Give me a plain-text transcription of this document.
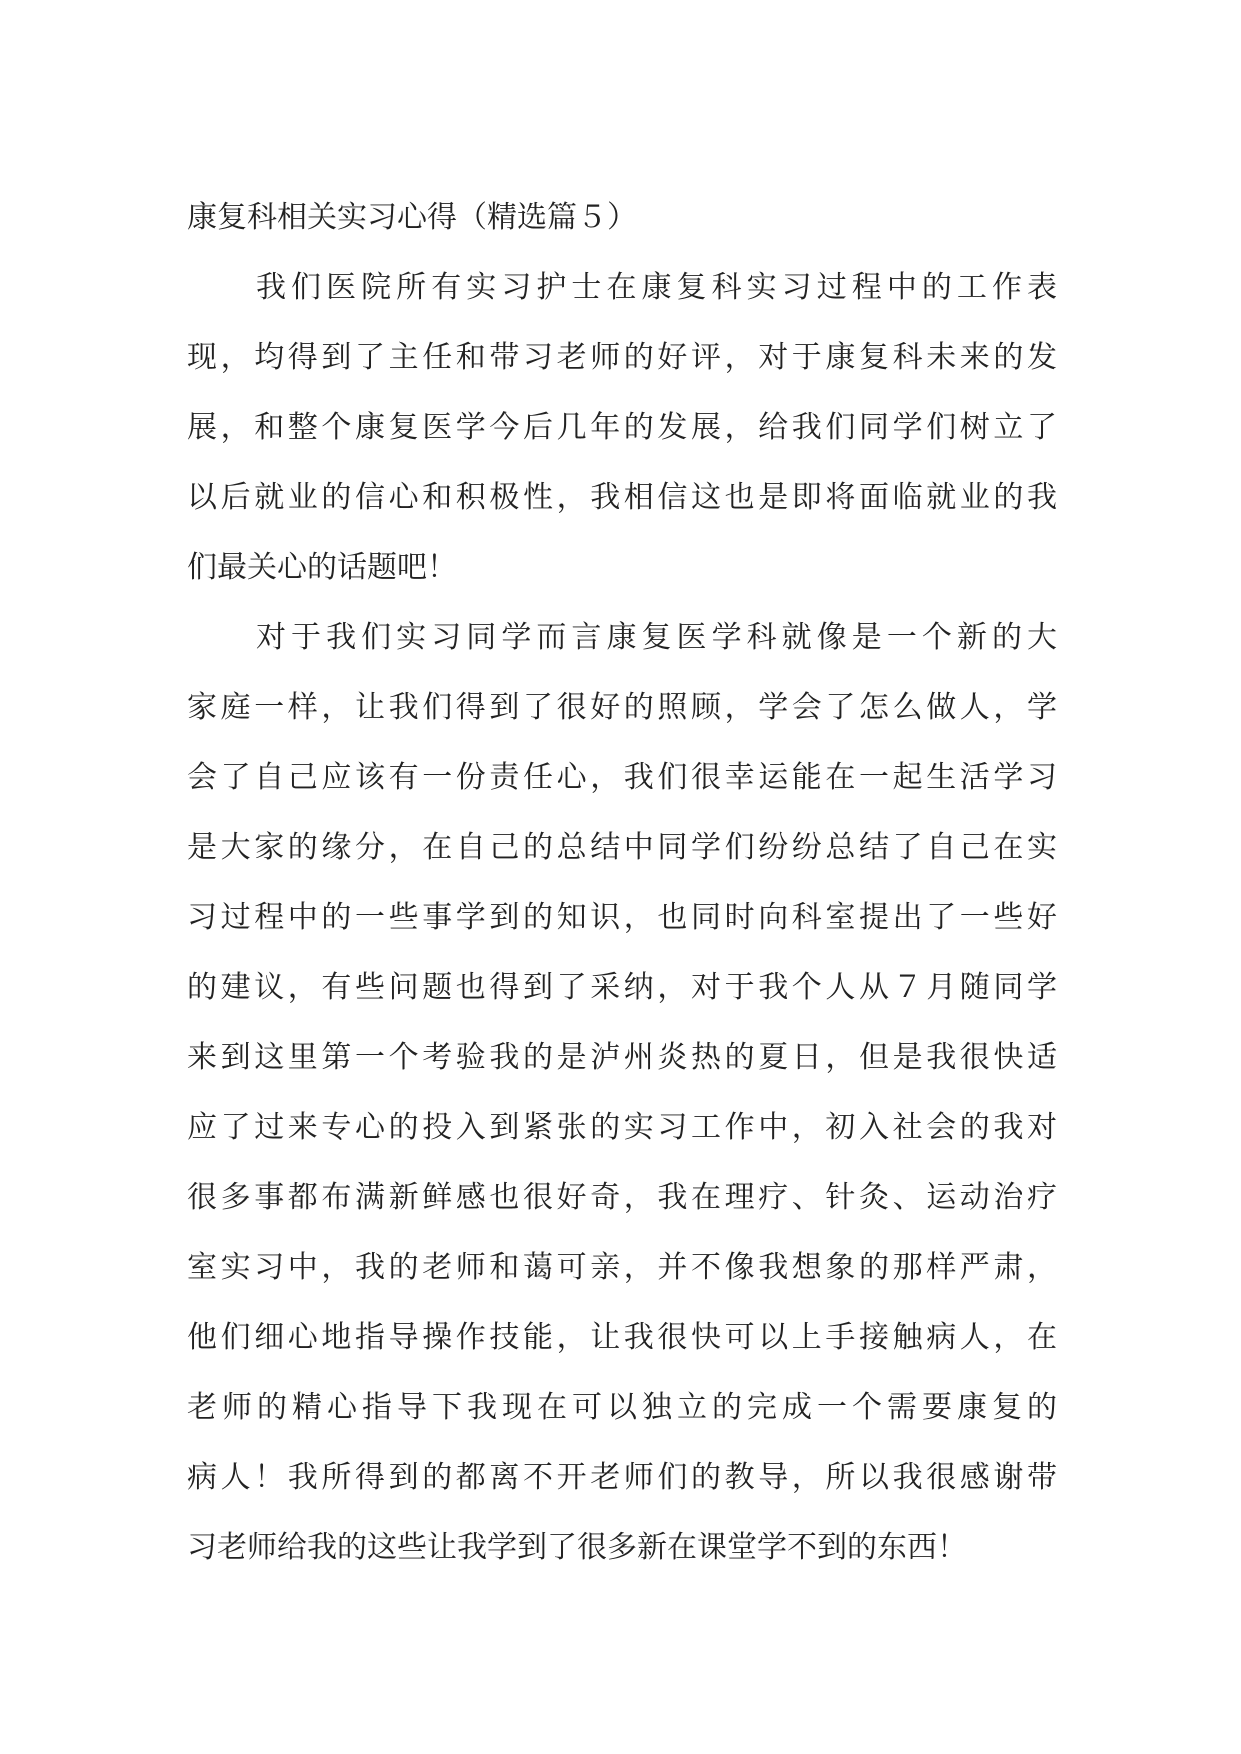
康复科相关实习心得（精选篇５）
我们医院所有实习护士在康复科实习过程中的工作表
现，均得到了主任和带习老师的好评，对于康复科未来的发
展，和整个康复医学今后几年的发展，给我们同学们树立了
以后就业的信心和积极性，我相信这也是即将面临就业的我
们最关心的话题吧！
对于我们实习同学而言康复医学科就像是一个新的大
家庭一样，让我们得到了很好的照顾，学会了怎么做人，学
会了自己应该有一份责任心，我们很幸运能在一起生活学习
是大家的缘分，在自己的总结中同学们纷纷总结了自己在实
习过程中的一些事学到的知识，也同时向科室提出了一些好
的建议，有些问题也得到了采纳，对于我个人从７月随同学
来到这里第一个考验我的是泸州炎热的夏日，但是我很快适
应了过来专心的投入到紧张的实习工作中，初入社会的我对
很多事都布满新鲜感也很好奇，我在理疗、针灸、运动治疗
室实习中，我的老师和蔼可亲，并不像我想象的那样严肃，
他们细心地指导操作技能，让我很快可以上手接触病人，在
老师的精心指导下我现在可以独立的完成一个需要康复的
病人！我所得到的都离不开老师们的教导，所以我很感谢带
习老师给我的这些让我学到了很多新在课堂学不到的东西！
